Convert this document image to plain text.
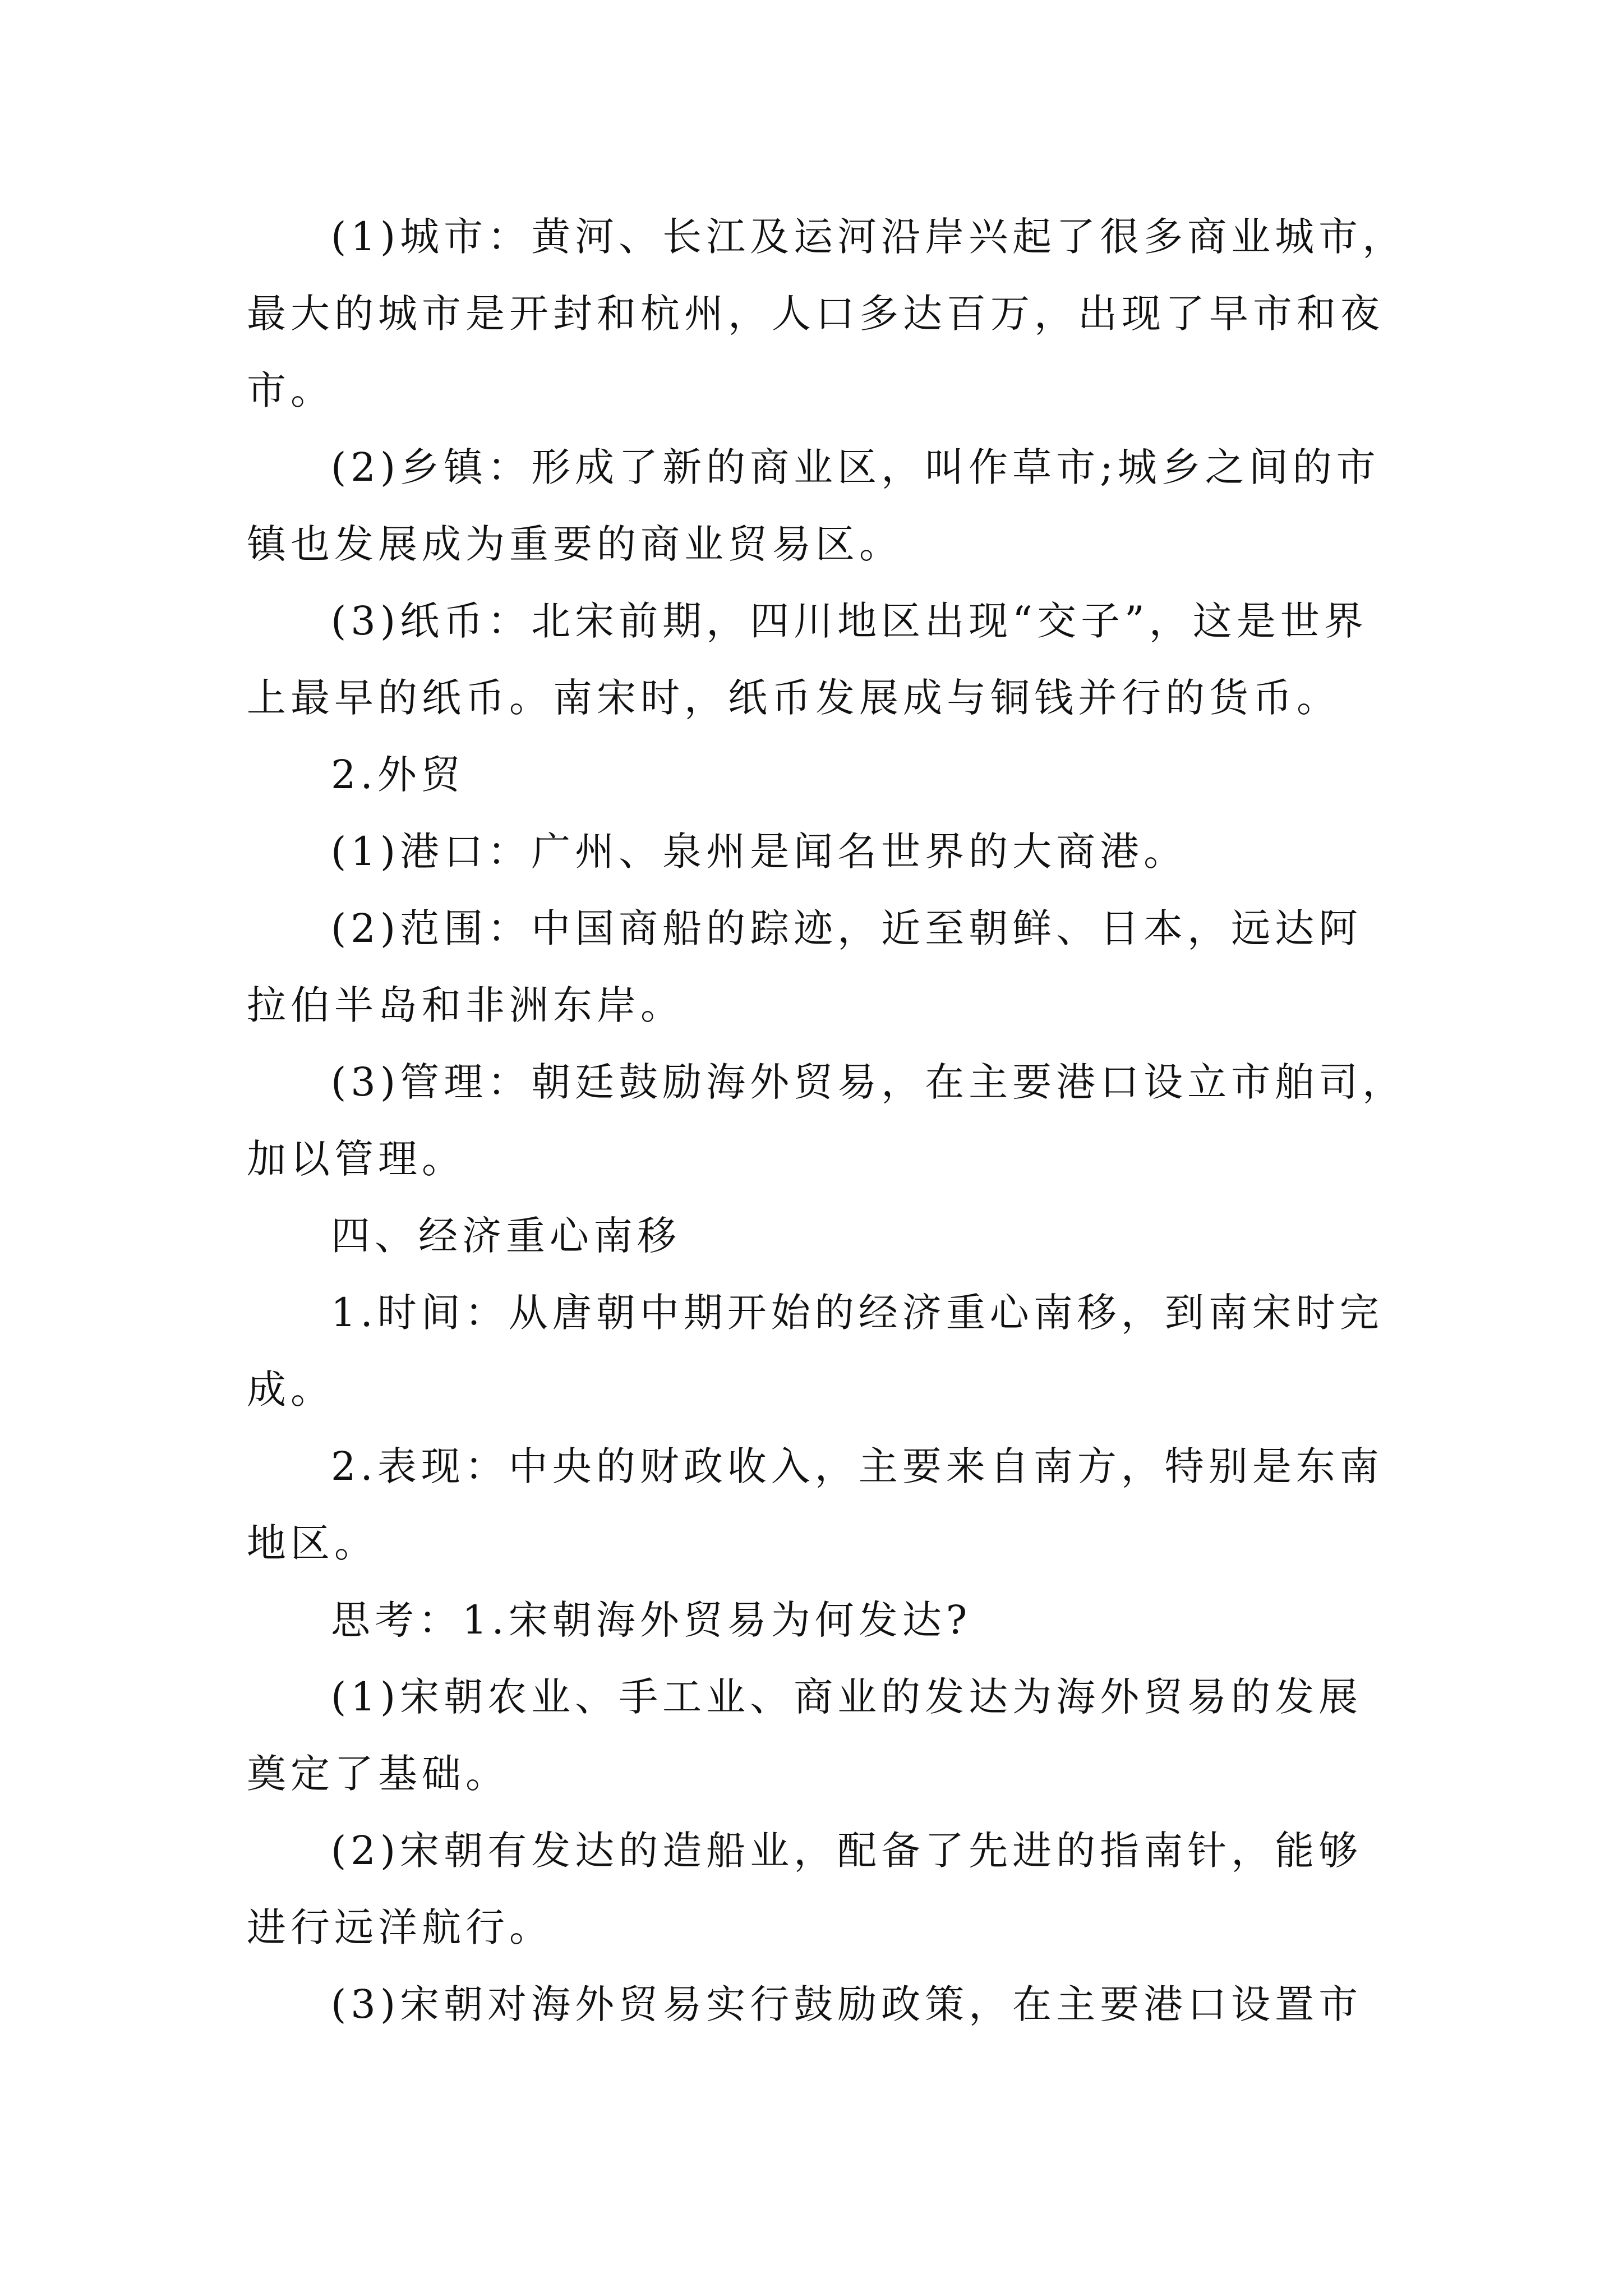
(1)城市：黄河、长江及运河沿岸兴起了很多商业城市，
最大的城市是开封和杭州，人口多达百万，出现了早市和夜
市。
(2)乡镇：形成了新的商业区，叫作草市;城乡之间的市
镇也发展成为重要的商业贸易区。
(3)纸币：北宋前期，四川地区出现“交子”，这是世界
上最早的纸币。南宋时，纸币发展成与铜钱并行的货币。
2.外贸
(1)港口：广州、泉州是闻名世界的大商港。
(2)范围：中国商船的踪迹，近至朝鲜、日本，远达阿
拉伯半岛和非洲东岸。
(3)管理：朝廷鼓励海外贸易，在主要港口设立市舶司，
加以管理。
四、经济重心南移
1.时间：从唐朝中期开始的经济重心南移，到南宋时完
成。
2.表现：中央的财政收入，主要来自南方，特别是东南
地区。
思考：1.宋朝海外贸易为何发达?
(1)宋朝农业、手工业、商业的发达为海外贸易的发展
奠定了基础。
(2)宋朝有发达的造船业，配备了先进的指南针，能够
进行远洋航行。
(3)宋朝对海外贸易实行鼓励政策，在主要港口设置市
